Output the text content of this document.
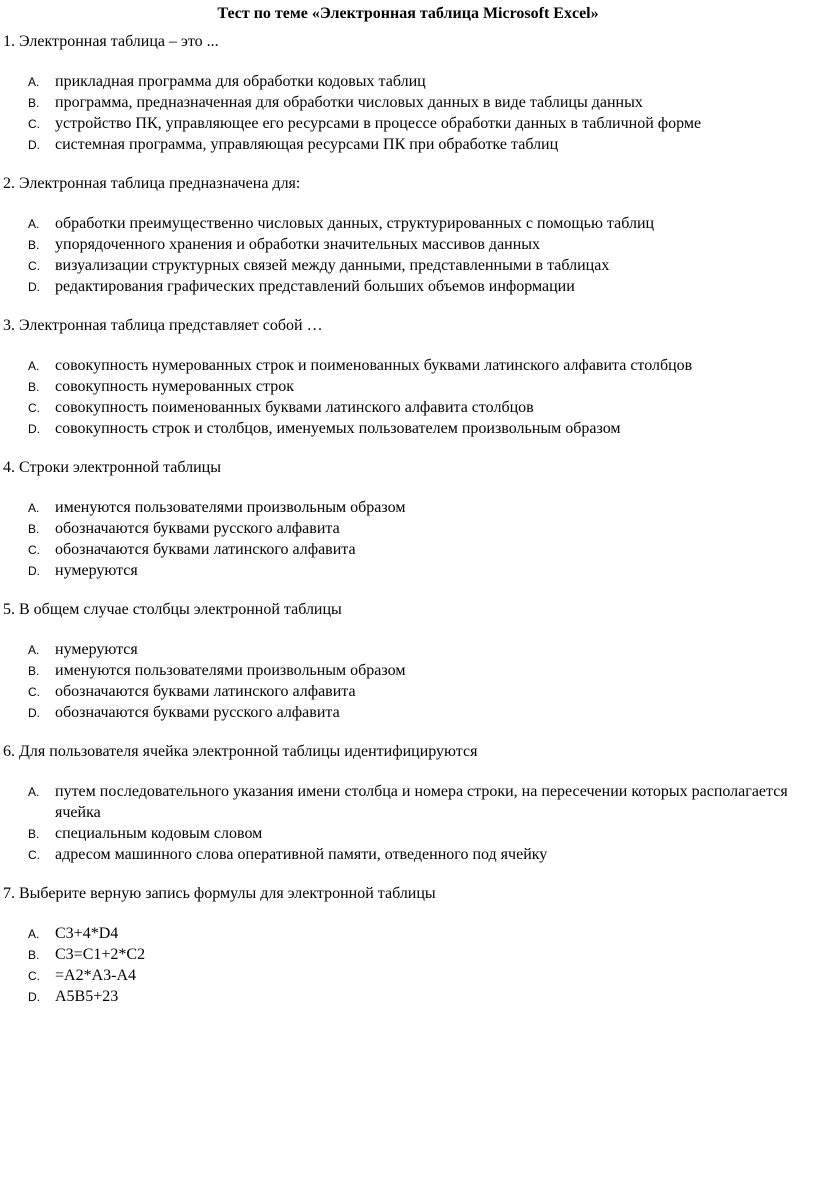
Тест по теме «Электронная таблица Microsoft Excel»
1. Электронная таблица – это ...
A. прикладная программа для обработки кодовых таблиц
B. программа, предназначенная для обработки числовых данных в виде таблицы данных
C. устройство ПК, управляющее его ресурсами в процессе обработки данных в табличной форме
D. системная программа, управляющая ресурсами ПК при обработке таблиц
2. Электронная таблица предназначена для:
A. обработки преимущественно числовых данных, структурированных с помощью таблиц
B. упорядоченного хранения и обработки значительных массивов данных
C. визуализации структурных связей между данными, представленными в таблицах
D. редактирования графических представлений больших объемов информации
3. Электронная таблица представляет собой …
A. совокупность нумерованных строк и поименованных буквами латинского алфавита столбцов
B. совокупность нумерованных строк
C. совокупность поименованных буквами латинского алфавита столбцов
D. совокупность строк и столбцов, именуемых пользователем произвольным образом
4. Строки электронной таблицы
A. именуются пользователями произвольным образом
B. обозначаются буквами русского алфавита
C. обозначаются буквами латинского алфавита
D. нумеруются
5. В общем случае столбцы электронной таблицы
A. нумеруются
B. именуются пользователями произвольным образом
C. обозначаются буквами латинского алфавита
D. обозначаются буквами русского алфавита
6. Для пользователя ячейка электронной таблицы идентифицируются
A. путем последовательного указания имени столбца и номера строки, на пересечении которых располагается ячейка
B. специальным кодовым словом
C. адресом машинного слова оперативной памяти, отведенного под ячейку
7. Выберите верную запись формулы для электронной таблицы
A. C3+4*D4
B. C3=C1+2*C2
C. =A2*A3-A4
D. A5B5+23
